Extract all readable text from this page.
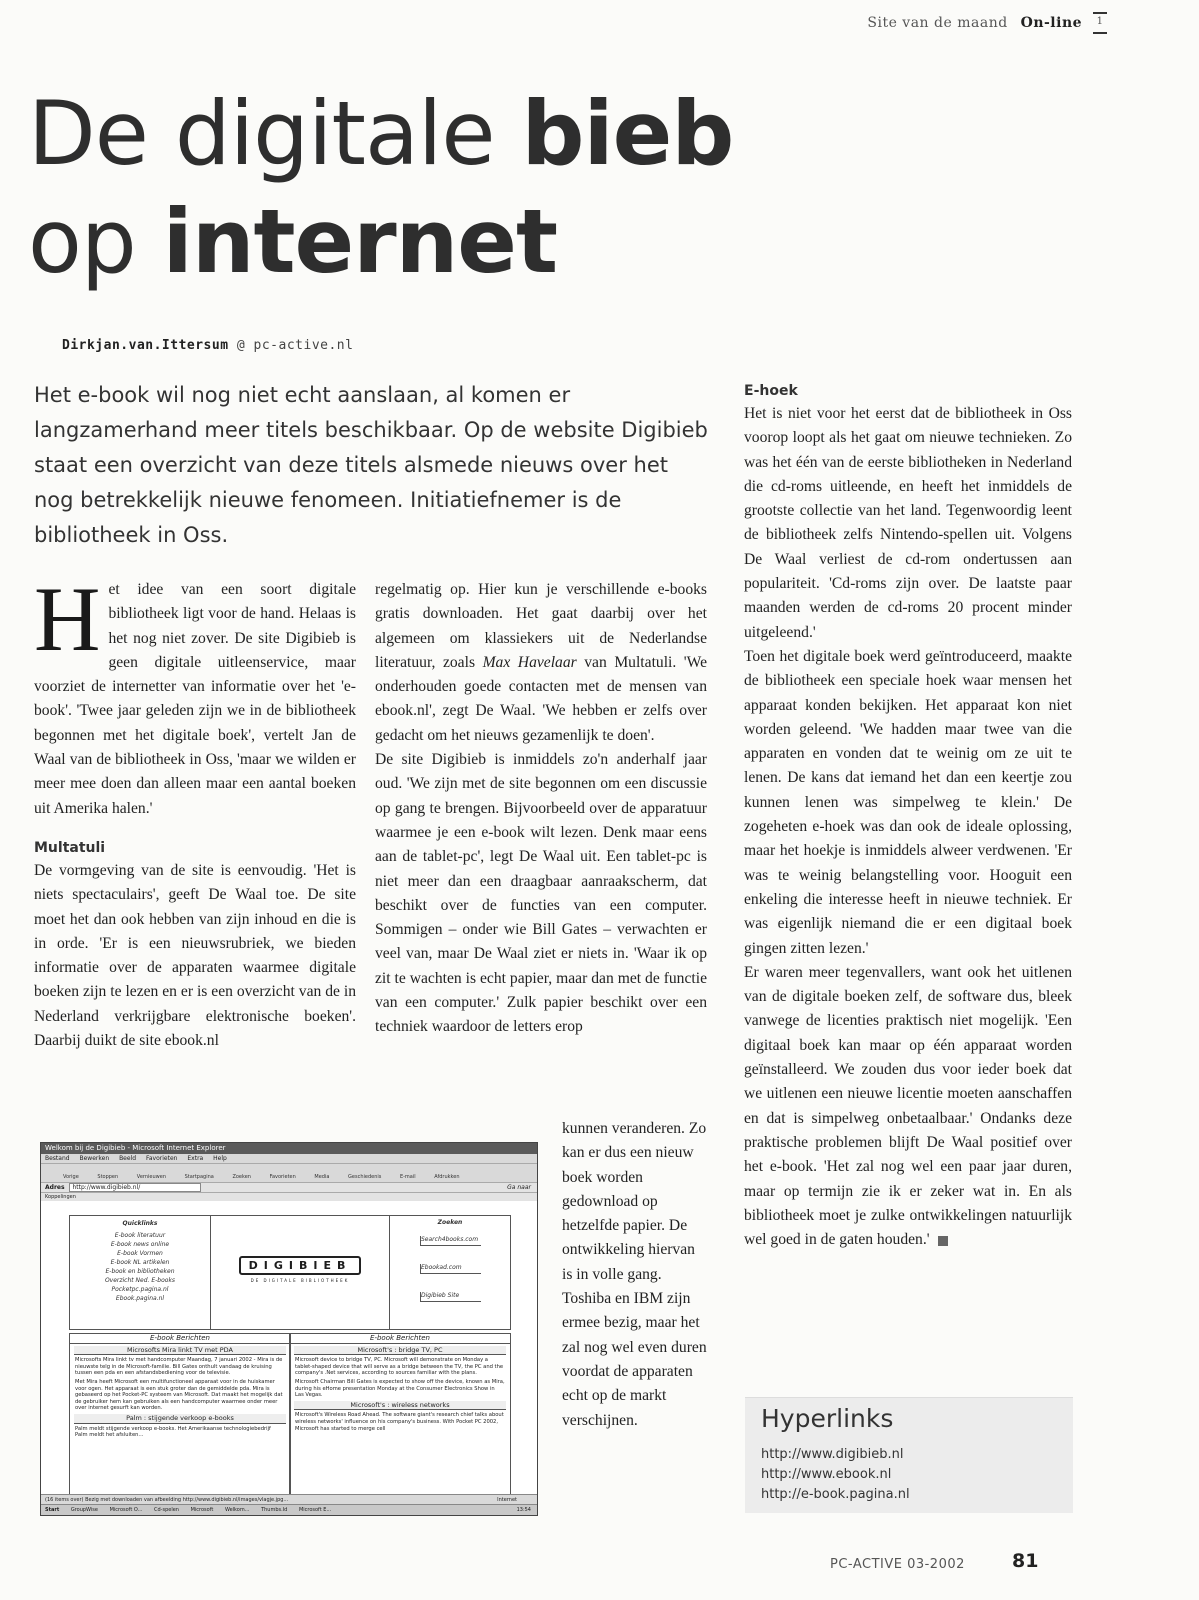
Site van de maand On-line 1
De digitale bieb
op internet
Dirkjan.van.Ittersum @ pc-active.nl

Het e-book wil nog niet echt aanslaan, al komen er langzamerhand meer titels beschikbaar. Op de website Digibieb staat een overzicht van deze titels alsmede nieuws over het nog betrekkelijk nieuwe fenomeen. Initiatiefnemer is de bibliotheek in Oss.

Het idee van een soort digitale bibliotheek ligt voor de hand. Helaas is het nog niet zover. De site Digibieb is geen digitale uitleenservice, maar voorziet de internetter van informatie over het 'e-book'. 'Twee jaar geleden zijn we in de bibliotheek begonnen met het digitale boek', vertelt Jan de Waal van de bibliotheek in Oss, 'maar we wilden er meer mee doen dan alleen maar een aantal boeken uit Amerika halen.'

Multatuli

De vormgeving van de site is eenvoudig. 'Het is niets spectaculairs', geeft De Waal toe. De site moet het dan ook hebben van zijn inhoud en die is in orde. 'Er is een nieuwsrubriek, we bieden informatie over de apparaten waarmee digitale boeken zijn te lezen en er is een overzicht van de in Nederland verkrijgbare elektronische boeken'. Daarbij duikt de site ebook.nl

regelmatig op. Hier kun je verschillende e-books gratis downloaden. Het gaat daarbij over het algemeen om klassiekers uit de Nederlandse literatuur, zoals Max Havelaar van Multatuli. 'We onderhouden goede contacten met de mensen van ebook.nl', zegt De Waal. 'We hebben er zelfs over gedacht om het nieuws gezamenlijk te doen'.

De site Digibieb is inmiddels zo'n anderhalf jaar oud. 'We zijn met de site begonnen om een discussie op gang te brengen. Bijvoorbeeld over de apparatuur waarmee je een e-book wilt lezen. Denk maar eens aan de tablet-pc', legt De Waal uit. Een tablet-pc is niet meer dan een draagbaar aanraakscherm, dat beschikt over de functies van een computer. Sommigen – onder wie Bill Gates – verwachten er veel van, maar De Waal ziet er niets in. 'Waar ik op zit te wachten is echt papier, maar dan met de functie van een computer.' Zulk papier beschikt over een techniek waardoor de letters erop

kunnen veranderen. Zo kan er dus een nieuw boek worden gedownload op hetzelfde papier. De ontwikkeling hiervan is in volle gang. Toshiba en IBM zijn ermee bezig, maar het zal nog wel even duren voordat de apparaten echt op de markt verschijnen.

E-hoek

Het is niet voor het eerst dat de bibliotheek in Oss voorop loopt als het gaat om nieuwe technieken. Zo was het één van de eerste bibliotheken in Nederland die cd-roms uitleende, en heeft het inmiddels de grootste collectie van het land. Tegenwoordig leent de bibliotheek zelfs Nintendo-spellen uit. Volgens De Waal verliest de cd-rom ondertussen aan populariteit. 'Cd-roms zijn over. De laatste paar maanden werden de cd-roms 20 procent minder uitgeleend.'

Toen het digitale boek werd geïntroduceerd, maakte de bibliotheek een speciale hoek waar mensen het apparaat konden bekijken. Het apparaat kon niet worden geleend. 'We hadden maar twee van die apparaten en vonden dat te weinig om ze uit te lenen. De kans dat iemand het dan een keertje zou kunnen lenen was simpelweg te klein.' De zogeheten e-hoek was dan ook de ideale oplossing, maar het hoekje is inmiddels alweer verdwenen. 'Er was te weinig belangstelling voor. Hooguit een enkeling die interesse heeft in nieuwe techniek. Er was eigenlijk niemand die er een digitaal boek gingen zitten lezen.'

Er waren meer tegenvallers, want ook het uitlenen van de digitale boeken zelf, de software dus, bleek vanwege de licenties praktisch niet mogelijk. 'Een digitaal boek kan maar op één apparaat worden geïnstalleerd. We zouden dus voor ieder boek dat we uitlenen een nieuwe licentie moeten aanschaffen en dat is simpelweg onbetaalbaar.' Ondanks deze praktische problemen blijft De Waal positief over het e-book. 'Het zal nog wel een paar jaar duren, maar op termijn zie ik er zeker wat in. En als bibliotheek moet je zulke ontwikkelingen natuurlijk wel goed in de gaten houden.'

Hyperlinks
http://www.digibieb.nl
http://www.ebook.nl
http://e-book.pagina.nl
Welkom bij de Digibieb - Microsoft Internet Explorer
Bestand Bewerken Beeld Favorieten Extra Help
Vorige	Stoppen	Vernieuwen	Startpagina	Zoeken	Favorieten	Media	Geschiedenis	E-mail	Afdrukken
Adres http://www.digibieb.nl/	Ga naar
Koppelingen
Quicklinks
E-book literatuur
E-book news online
E-book Vormen
E-book NL artikelen
E-book en bibliotheken
Overzicht Ned. E-books
Pocketpc.pagina.nl
Ebook.pagina.nl
DIGIBIEB
DE DIGITALE BIBLIOTHEEK
Zoeken
Search4books.com
Ebookad.com
Digibieb Site
E-book Berichten
Microsofts Mira linkt TV met PDA

Microsofts Mira linkt tv met handcomputer Maandag, 7 januari 2002 - Mira is de nieuwste telg in de Microsoft-familie. Bill Gates onthult vandaag de kruising tussen een pda en een afstandsbediening voor de televisie.

Met Mira heeft Microsoft een multifunctioneel apparaat voor in de huiskamer voor ogen. Het apparaat is een stuk groter dan de gemiddelde pda. Mira is gebaseerd op het Pocket-PC systeem van Microsoft. Dat maakt het mogelijk dat de gebruiker hem kan gebruiken als een handcomputer waarmee onder meer over internet gesurft kan worden.

Palm : stijgende verkoop e-books

Palm meldt stijgende verkoop e-books. Het Amerikaanse technologiebedrijf Palm meldt het afsluiten...

E-book Berichten
Microsoft's : bridge TV, PC

Microsoft device to bridge TV, PC. Microsoft will demonstrate on Monday a tablet-shaped device that will serve as a bridge between the TV, the PC and the company's .Net services, according to sources familiar with the plans.

Microsoft Chairman Bill Gates is expected to show off the device, known as Mira, during his eHome presentation Monday at the Consumer Electronics Show in Las Vegas.

Microsoft's : wireless networks

Microsoft's Wireless Road Ahead. The software giant's research chief talks about wireless networks' influence on his company's business. With Pocket PC 2002, Microsoft has started to merge cell

(16 items over) Bezig met downloaden van afbeelding http://www.digibieb.nl/images/vlagje.jpg...	Internet
Start GroupWise Microsoft O... Cd-spelen Microsoft Welkom... Thumbs.Id Microsoft E...	13:54
PC-ACTIVE 03-2002 81
